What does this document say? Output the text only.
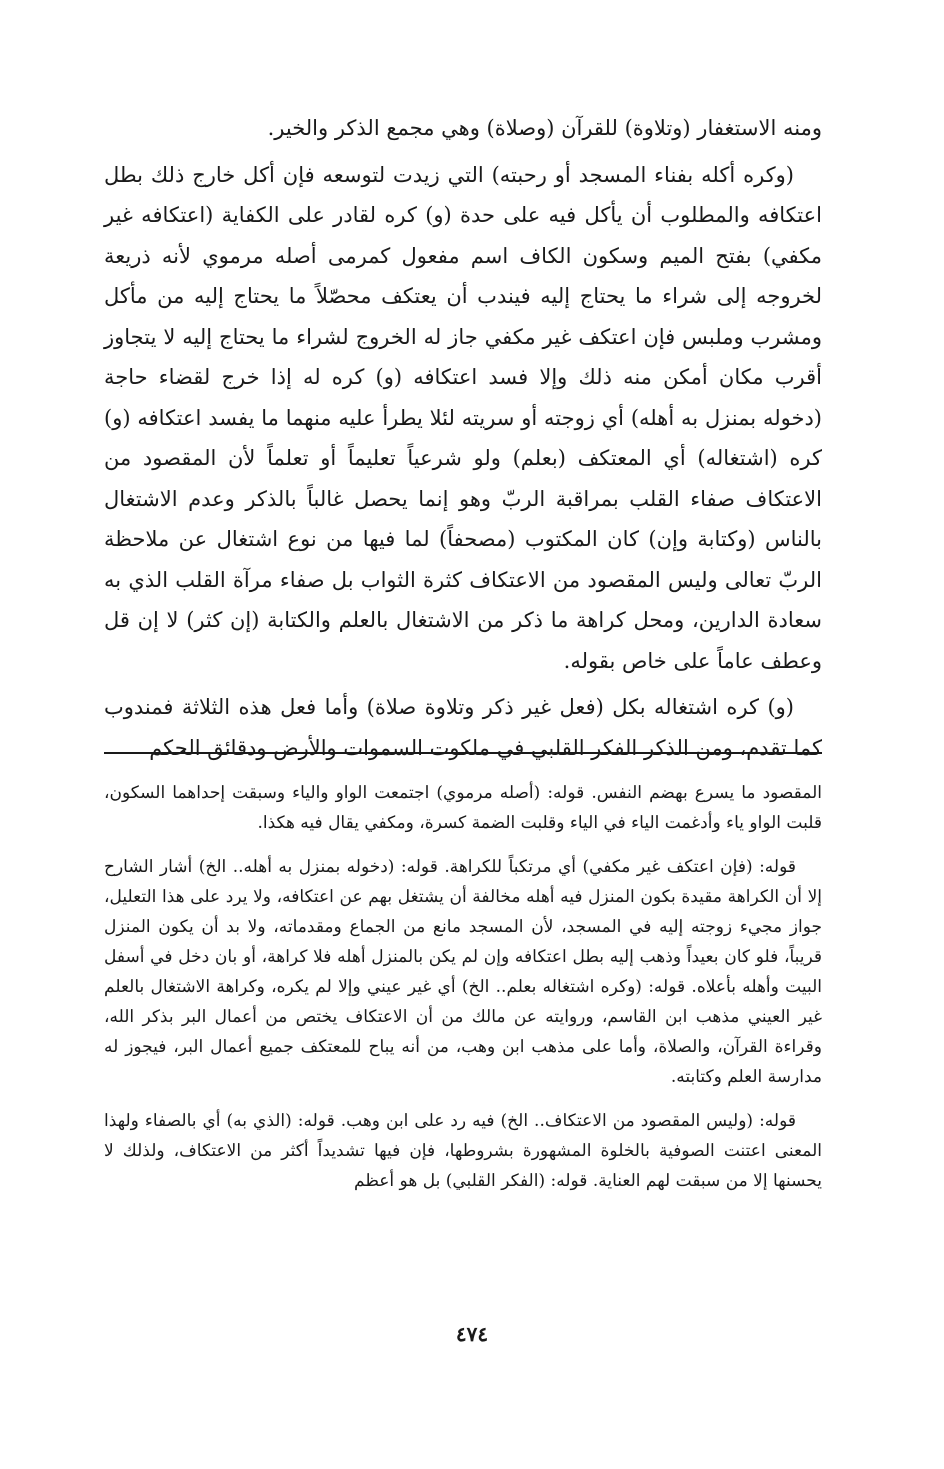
ومنه الاستغفار (وتلاوة) للقرآن (وصلاة) وهي مجمع الذكر والخير.

(وكره أكله بفناء المسجد أو رحبته) التي زيدت لتوسعه فإن أكل خارج ذلك بطل اعتكافه والمطلوب أن يأكل فيه على حدة (و) كره لقادر على الكفاية (اعتكافه غير مكفي) بفتح الميم وسكون الكاف اسم مفعول كمرمى أصله مرموي لأنه ذريعة لخروجه إلى شراء ما يحتاج إليه فيندب أن يعتكف محصّلاً ما يحتاج إليه من مأكل ومشرب وملبس فإن اعتكف غير مكفي جاز له الخروج لشراء ما يحتاج إليه لا يتجاوز أقرب مكان أمكن منه ذلك وإلا فسد اعتكافه (و) كره له إذا خرج لقضاء حاجة (دخوله بمنزل به أهله) أي زوجته أو سريته لئلا يطرأ عليه منهما ما يفسد اعتكافه (و) كره (اشتغاله) أي المعتكف (بعلم) ولو شرعياً تعليماً أو تعلماً لأن المقصود من الاعتكاف صفاء القلب بمراقبة الربّ وهو إنما يحصل غالباً بالذكر وعدم الاشتغال بالناس (وكتابة وإن) كان المكتوب (مصحفاً) لما فيها من نوع اشتغال عن ملاحظة الربّ تعالى وليس المقصود من الاعتكاف كثرة الثواب بل صفاء مرآة القلب الذي به سعادة الدارين، ومحل كراهة ما ذكر من الاشتغال بالعلم والكتابة (إن كثر) لا إن قل وعطف عاماً على خاص بقوله.

(و) كره اشتغاله بكل (فعل غير ذكر وتلاوة صلاة) وأما فعل هذه الثلاثة فمندوب كما تقدم، ومن الذكر الفكر القلبي في ملكوت السموات والأرض ودقائق الحكم

المقصود ما يسرع بهضم النفس. قوله: (أصله مرموي) اجتمعت الواو والياء وسبقت إحداهما السكون، قلبت الواو ياء وأدغمت الياء في الياء وقلبت الضمة كسرة، ومكفي يقال فيه هكذا.

قوله: (فإن اعتكف غير مكفي) أي مرتكباً للكراهة. قوله: (دخوله بمنزل به أهله.. الخ) أشار الشارح إلا أن الكراهة مقيدة بكون المنزل فيه أهله مخالفة أن يشتغل بهم عن اعتكافه، ولا يرد على هذا التعليل، جواز مجيء زوجته إليه في المسجد، لأن المسجد مانع من الجماع ومقدماته، ولا بد أن يكون المنزل قريباً، فلو كان بعيداً وذهب إليه بطل اعتكافه وإن لم يكن بالمنزل أهله فلا كراهة، أو بان دخل في أسفل البيت وأهله بأعلاه. قوله: (وكره اشتغاله بعلم.. الخ) أي غير عيني وإلا لم يكره، وكراهة الاشتغال بالعلم غير العيني مذهب ابن القاسم، وروايته عن مالك من أن الاعتكاف يختص من أعمال البر بذكر الله، وقراءة القرآن، والصلاة، وأما على مذهب ابن وهب، من أنه يباح للمعتكف جميع أعمال البر، فيجوز له مدارسة العلم وكتابته.

قوله: (وليس المقصود من الاعتكاف.. الخ) فيه رد على ابن وهب. قوله: (الذي به) أي بالصفاء ولهذا المعنى اعتنت الصوفية بالخلوة المشهورة بشروطها، فإن فيها تشديداً أكثر من الاعتكاف، ولذلك لا يحسنها إلا من سبقت لهم العناية. قوله: (الفكر القلبي) بل هو أعظم

٤٧٤
